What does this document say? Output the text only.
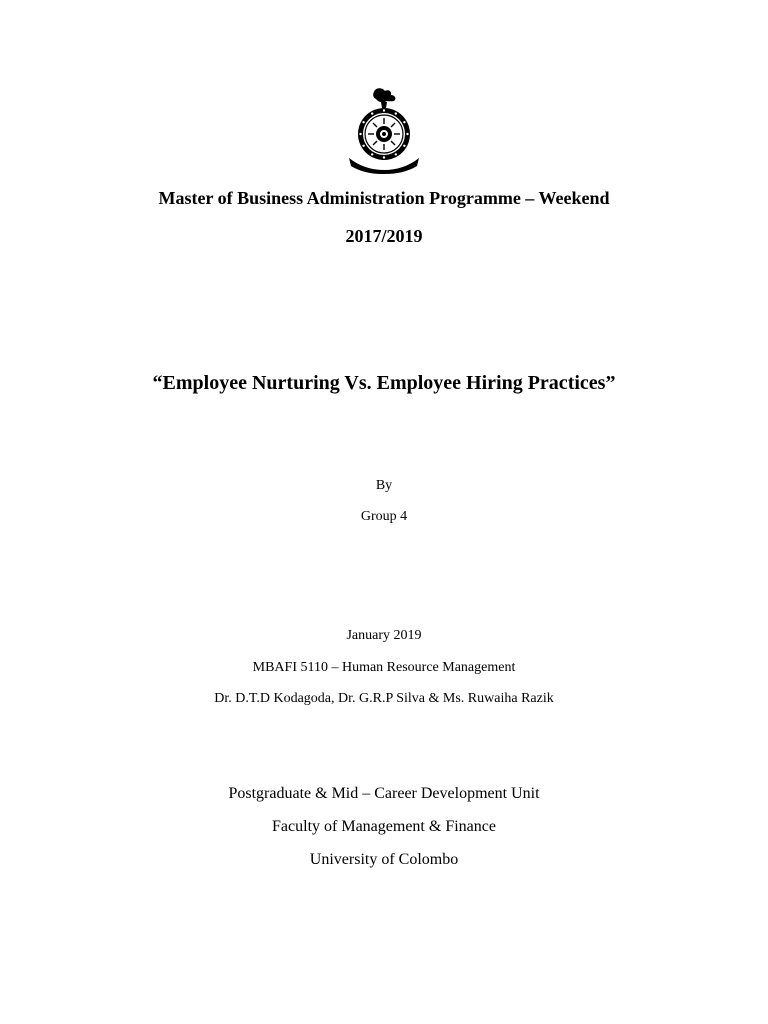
Master of Business Administration Programme – Weekend
2017/2019
“Employee Nurturing Vs. Employee Hiring Practices”
By
Group 4
January 2019
MBAFI 5110 – Human Resource Management
Dr. D.T.D Kodagoda, Dr. G.R.P Silva & Ms. Ruwaiha Razik
Postgraduate & Mid – Career Development Unit
Faculty of Management & Finance
University of Colombo
